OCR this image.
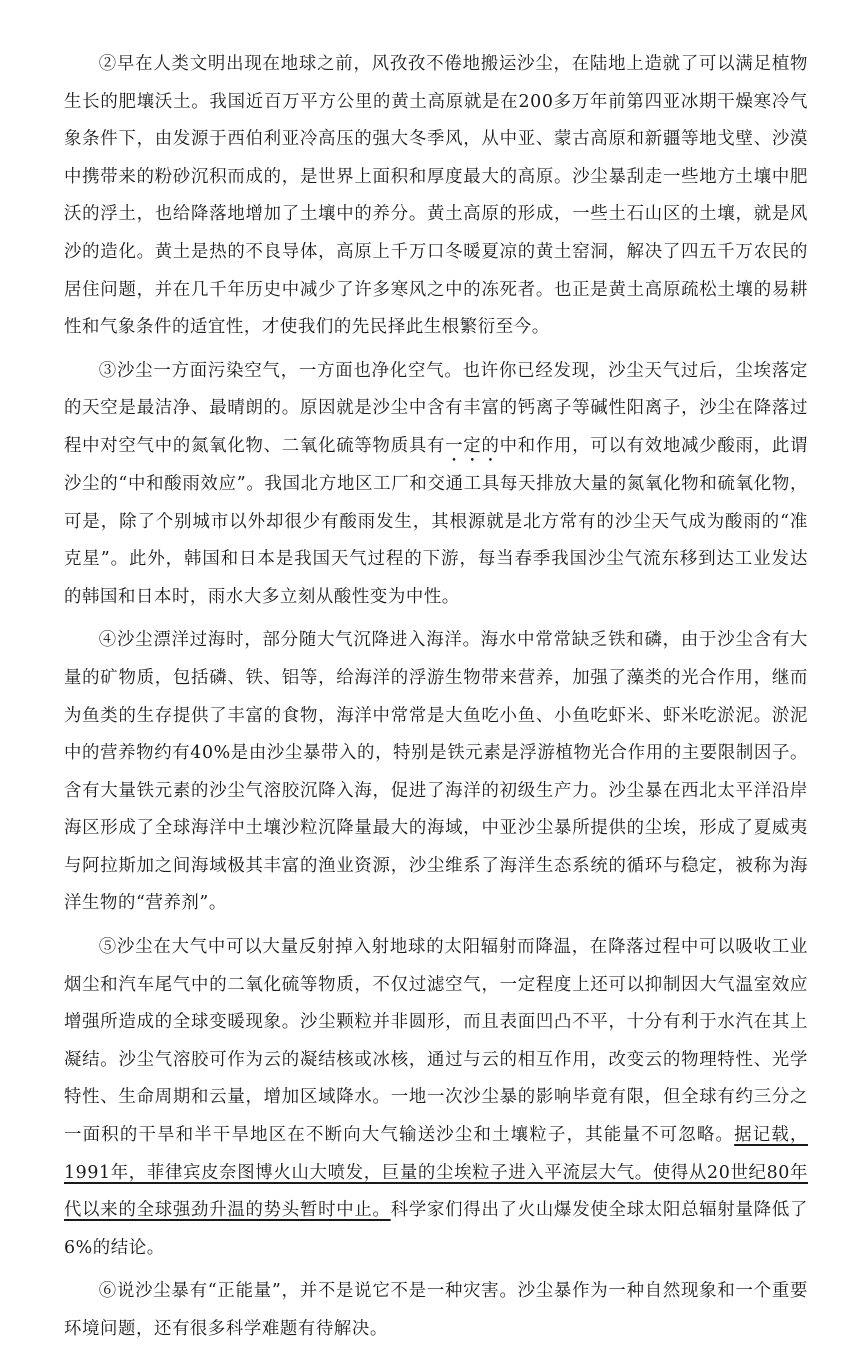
②早在人类文明出现在地球之前，风孜孜不倦地搬运沙尘，在陆地上造就了可以满足植物生长的肥壤沃土。我国近百万平方公里的黄土高原就是在200多万年前第四亚冰期干燥寒冷气象条件下，由发源于西伯利亚冷高压的强大冬季风，从中亚、蒙古高原和新疆等地戈壁、沙漠中携带来的粉砂沉积而成的，是世界上面积和厚度最大的高原。沙尘暴刮走一些地方土壤中肥沃的浮土，也给降落地增加了土壤中的养分。黄土高原的形成，一些土石山区的土壤，就是风沙的造化。黄土是热的不良导体，高原上千万口冬暖夏凉的黄土窑洞，解决了四五千万农民的居住问题，并在几千年历史中减少了许多寒风之中的冻死者。也正是黄土高原疏松土壤的易耕性和气象条件的适宜性，才使我们的先民择此生根繁衍至今。

③沙尘一方面污染空气，一方面也净化空气。也许你已经发现，沙尘天气过后，尘埃落定的天空是最洁净、最晴朗的。原因就是沙尘中含有丰富的钙离子等碱性阳离子，沙尘在降落过程中对空气中的氮氧化物、二氧化硫等物质具有一定的中和作用，可以有效地减少酸雨，此谓沙尘的“中和酸雨效应”。我国北方地区工厂和交通工具每天排放大量的氮氧化物和硫氧化物，可是，除了个别城市以外却很少有酸雨发生，其根源就是北方常有的沙尘天气成为酸雨的“准克星”。此外，韩国和日本是我国天气过程的下游，每当春季我国沙尘气流东移到达工业发达的韩国和日本时，雨水大多立刻从酸性变为中性。

④沙尘漂洋过海时，部分随大气沉降进入海洋。海水中常常缺乏铁和磷，由于沙尘含有大量的矿物质，包括磷、铁、铝等，给海洋的浮游生物带来营养，加强了藻类的光合作用，继而为鱼类的生存提供了丰富的食物，海洋中常常是大鱼吃小鱼、小鱼吃虾米、虾米吃淤泥。淤泥中的营养物约有40%是由沙尘暴带入的，特别是铁元素是浮游植物光合作用的主要限制因子。含有大量铁元素的沙尘气溶胶沉降入海，促进了海洋的初级生产力。沙尘暴在西北太平洋沿岸海区形成了全球海洋中土壤沙粒沉降量最大的海域，中亚沙尘暴所提供的尘埃，形成了夏威夷与阿拉斯加之间海域极其丰富的渔业资源，沙尘维系了海洋生态系统的循环与稳定，被称为海洋生物的“营养剂”。

⑤沙尘在大气中可以大量反射掉入射地球的太阳辐射而降温，在降落过程中可以吸收工业烟尘和汽车尾气中的二氧化硫等物质，不仅过滤空气，一定程度上还可以抑制因大气温室效应增强所造成的全球变暖现象。沙尘颗粒并非圆形，而且表面凹凸不平，十分有利于水汽在其上凝结。沙尘气溶胶可作为云的凝结核或冰核，通过与云的相互作用，改变云的物理特性、光学特性、生命周期和云量，增加区域降水。一地一次沙尘暴的影响毕竟有限，但全球有约三分之一面积的干旱和半干旱地区在不断向大气输送沙尘和土壤粒子，其能量不可忽略。据记载，1991年，菲律宾皮奈图博火山大喷发，巨量的尘埃粒子进入平流层大气。使得从20世纪80年代以来的全球强劲升温的势头暂时中止。科学家们得出了火山爆发使全球太阳总辐射量降低了6%的结论。

⑥说沙尘暴有“正能量”，并不是说它不是一种灾害。沙尘暴作为一种自然现象和一个重要环境问题，还有很多科学难题有待解决。
